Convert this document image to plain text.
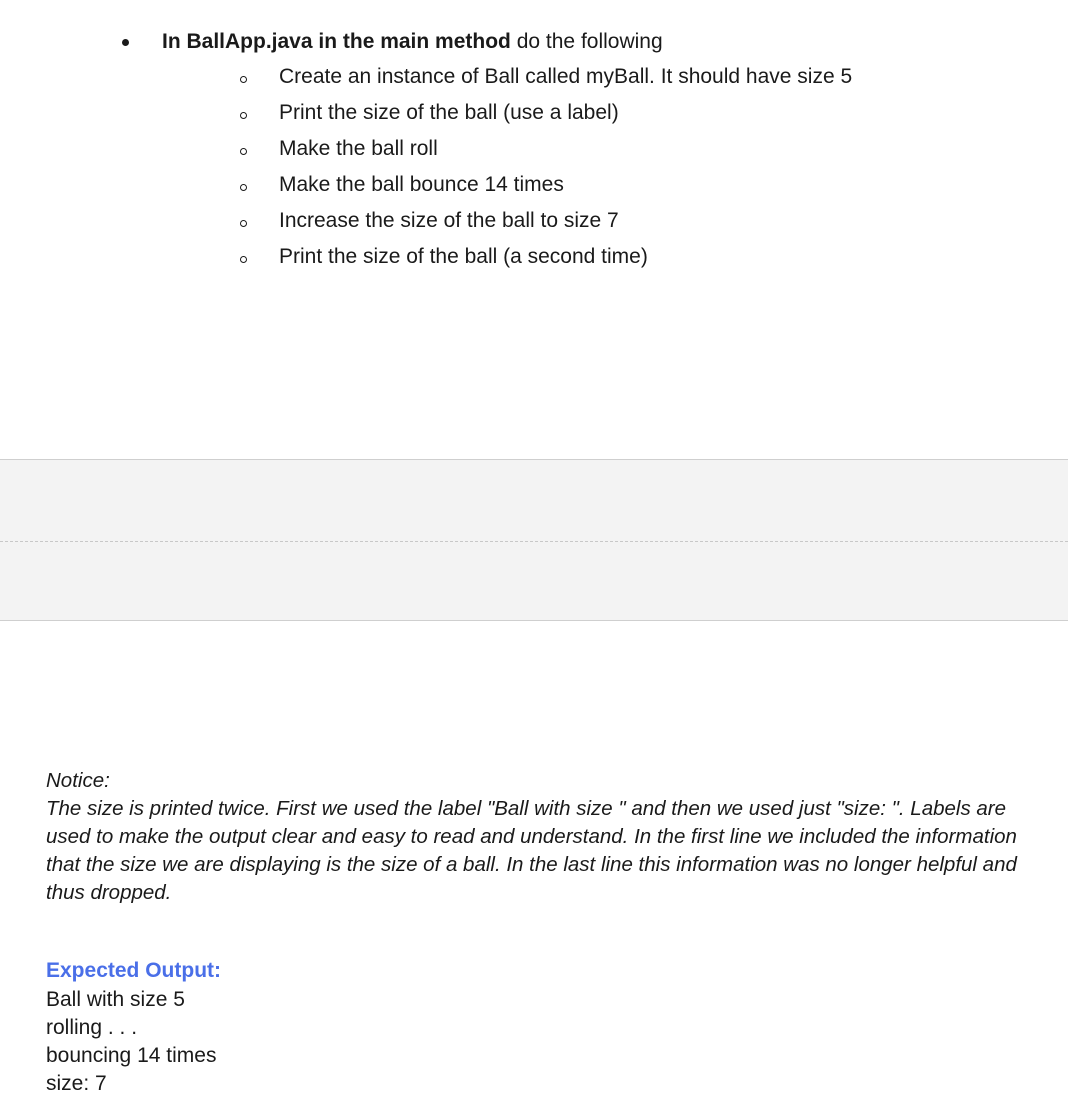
In BallApp.java in the main method do the following
Create an instance of Ball called myBall. It should have size 5
Print the size of the ball (use a label)
Make the ball roll
Make the ball bounce 14 times
Increase the size of the ball to size 7
Print the size of the ball (a second time)

Notice:

The size is printed twice. First we used the label "Ball with size " and then we used just "size: ". Labels are used to make the output clear and easy to read and understand. In the first line we included the information that the size we are displaying is the size of a ball. In the last line this information was no longer helpful and thus dropped.

Expected Output:
Ball with size 5
rolling . . .
bouncing 14 times
size: 7
